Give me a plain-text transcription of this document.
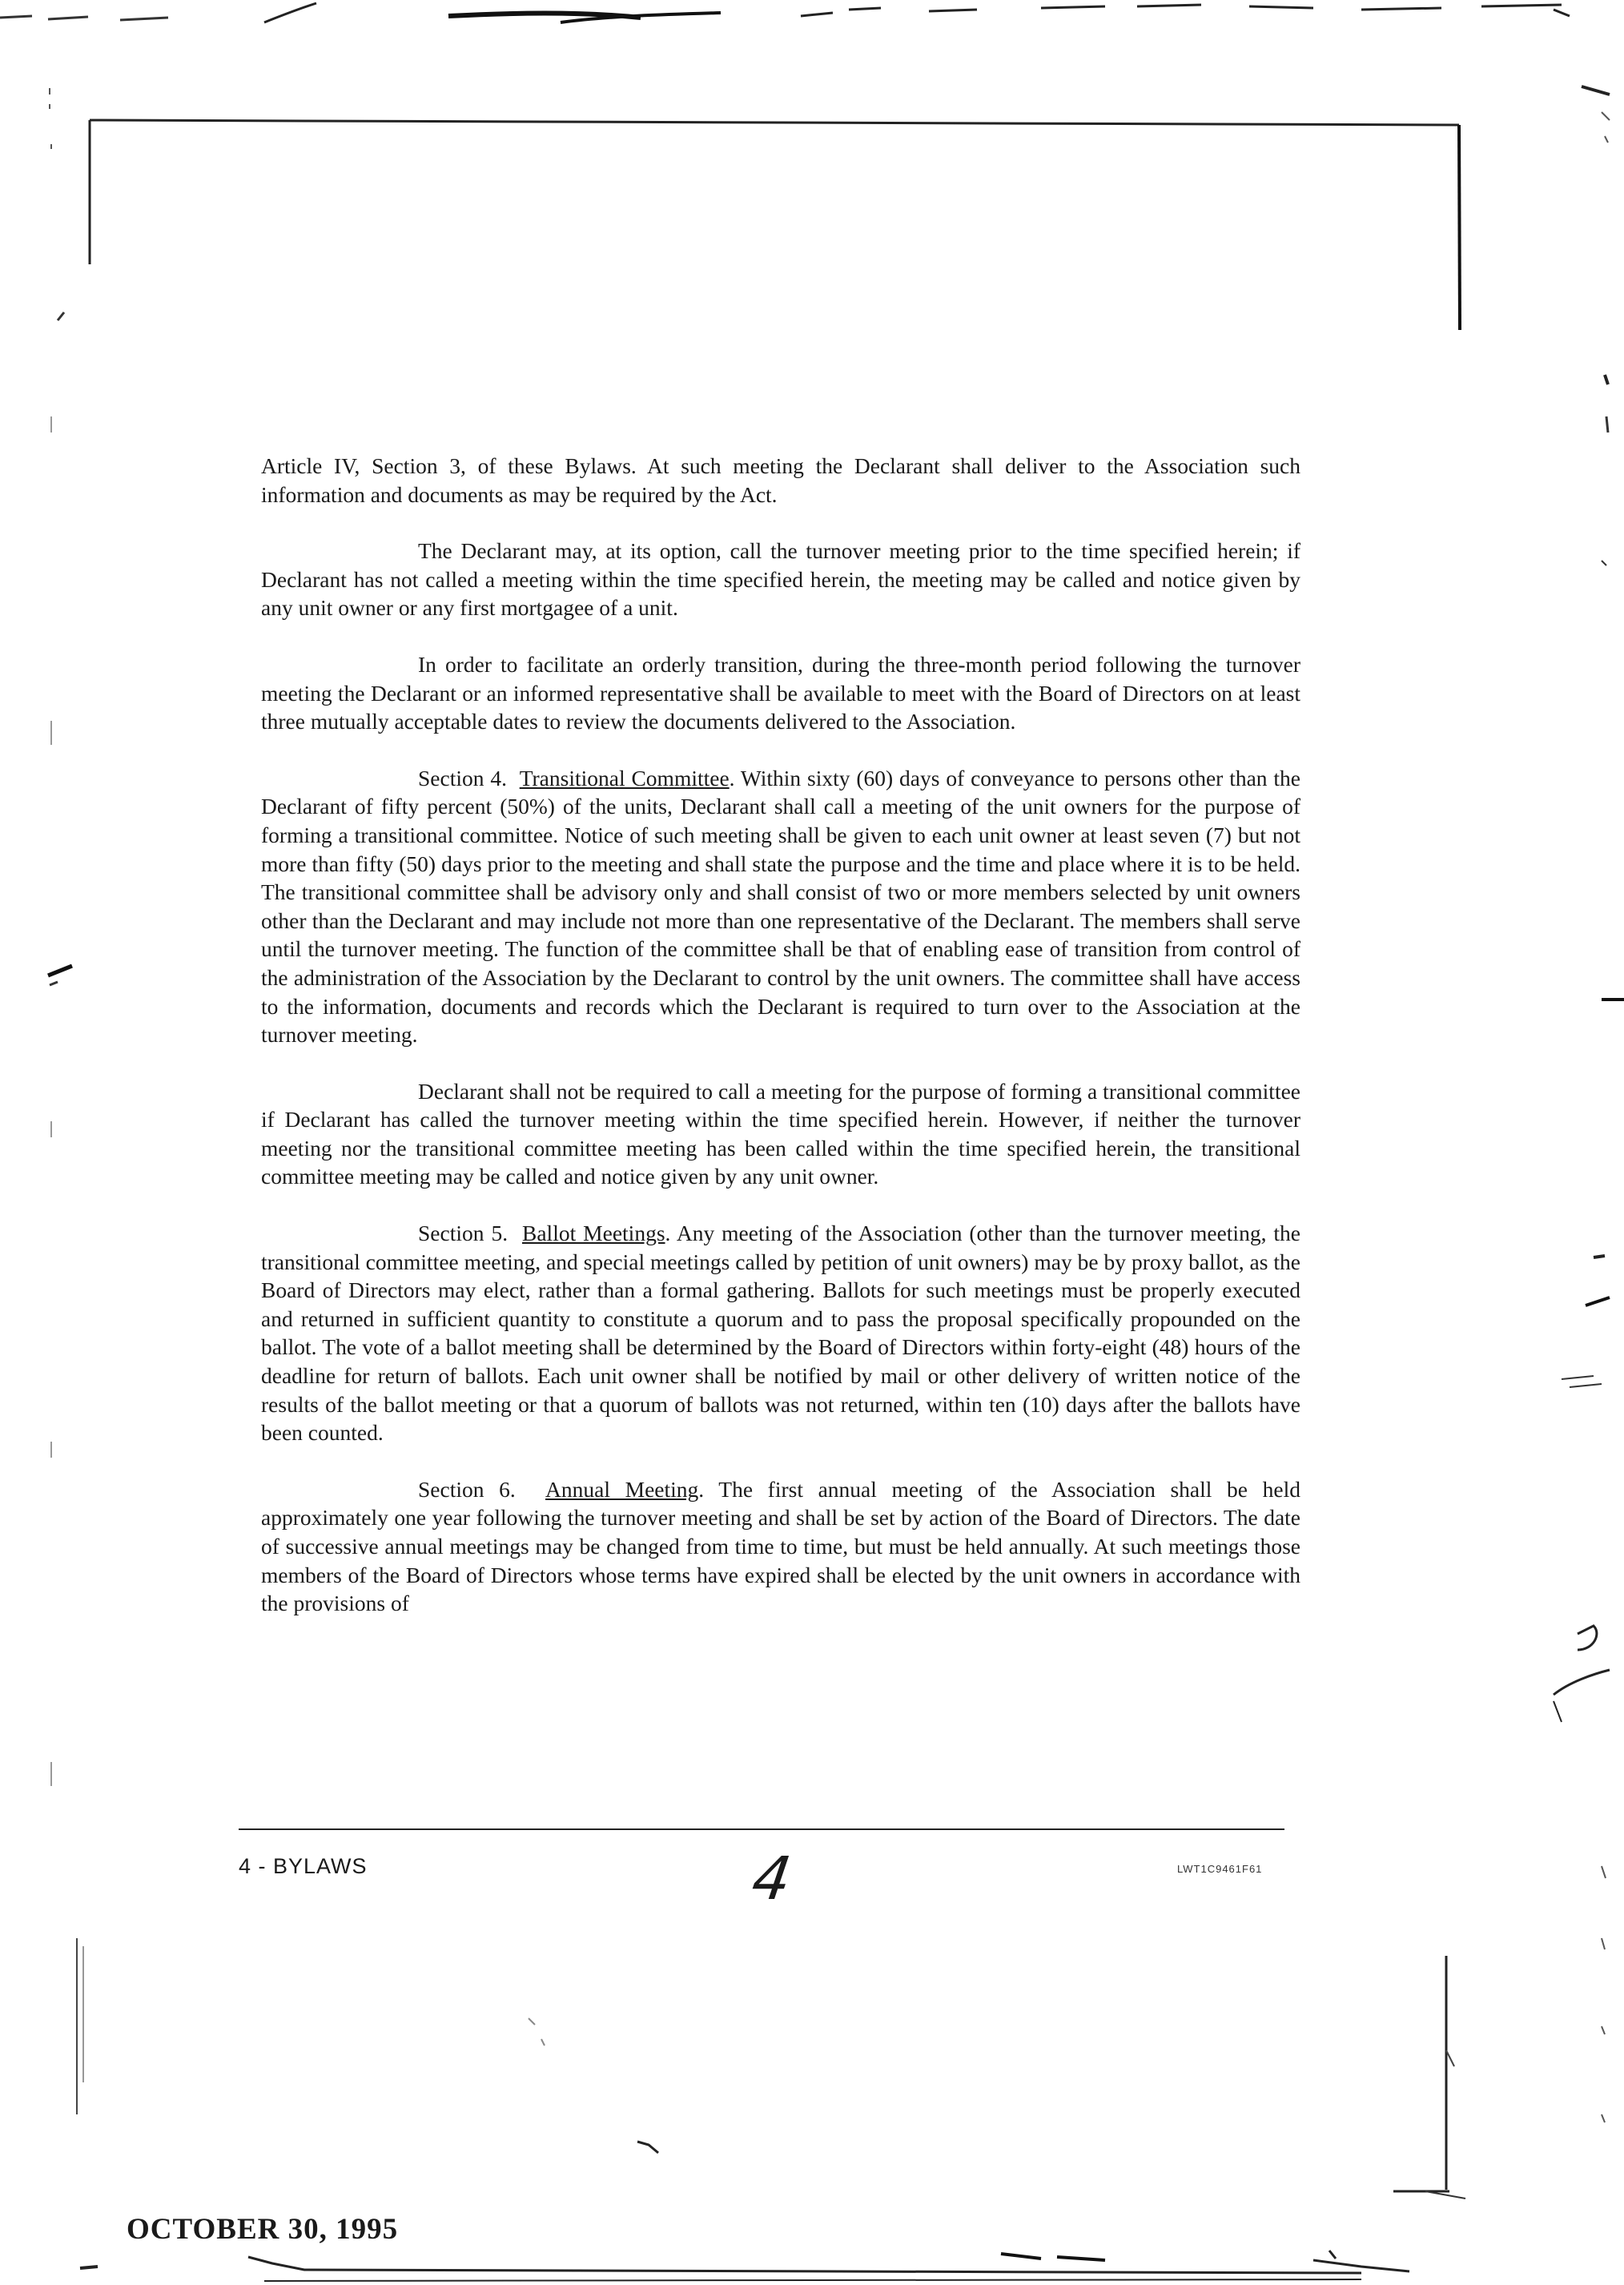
Article IV, Section 3, of these Bylaws. At such meeting the Declarant shall deliver to the Association such information and documents as may be required by the Act.

The Declarant may, at its option, call the turnover meeting prior to the time specified herein; if Declarant has not called a meeting within the time specified herein, the meeting may be called and notice given by any unit owner or any first mortgagee of a unit.

In order to facilitate an orderly transition, during the three-month period following the turnover meeting the Declarant or an informed representative shall be available to meet with the Board of Directors on at least three mutually acceptable dates to review the documents delivered to the Association.

Section 4. Transitional Committee. Within sixty (60) days of conveyance to persons other than the Declarant of fifty percent (50%) of the units, Declarant shall call a meeting of the unit owners for the purpose of forming a transitional committee. Notice of such meeting shall be given to each unit owner at least seven (7) but not more than fifty (50) days prior to the meeting and shall state the purpose and the time and place where it is to be held. The transitional committee shall be advisory only and shall consist of two or more members selected by unit owners other than the Declarant and may include not more than one representative of the Declarant. The members shall serve until the turnover meeting. The function of the committee shall be that of enabling ease of transition from control of the administration of the Association by the Declarant to control by the unit owners. The committee shall have access to the information, documents and records which the Declarant is required to turn over to the Association at the turnover meeting.

Declarant shall not be required to call a meeting for the purpose of forming a transitional committee if Declarant has called the turnover meeting within the time specified herein. However, if neither the turnover meeting nor the transitional committee meeting has been called within the time specified herein, the transitional committee meeting may be called and notice given by any unit owner.

Section 5. Ballot Meetings. Any meeting of the Association (other than the turnover meeting, the transitional committee meeting, and special meetings called by petition of unit owners) may be by proxy ballot, as the Board of Directors may elect, rather than a formal gathering. Ballots for such meetings must be properly executed and returned in sufficient quantity to constitute a quorum and to pass the proposal specifically propounded on the ballot. The vote of a ballot meeting shall be determined by the Board of Directors within forty-eight (48) hours of the deadline for return of ballots. Each unit owner shall be notified by mail or other delivery of written notice of the results of the ballot meeting or that a quorum of ballots was not returned, within ten (10) days after the ballots have been counted.

Section 6. Annual Meeting. The first annual meeting of the Association shall be held approximately one year following the turnover meeting and shall be set by action of the Board of Directors. The date of successive annual meetings may be changed from time to time, but must be held annually. At such meetings those members of the Board of Directors whose terms have expired shall be elected by the unit owners in accordance with the provisions of

4 - BYLAWS	4	LWT1C9461F61
OCTOBER 30, 1995
